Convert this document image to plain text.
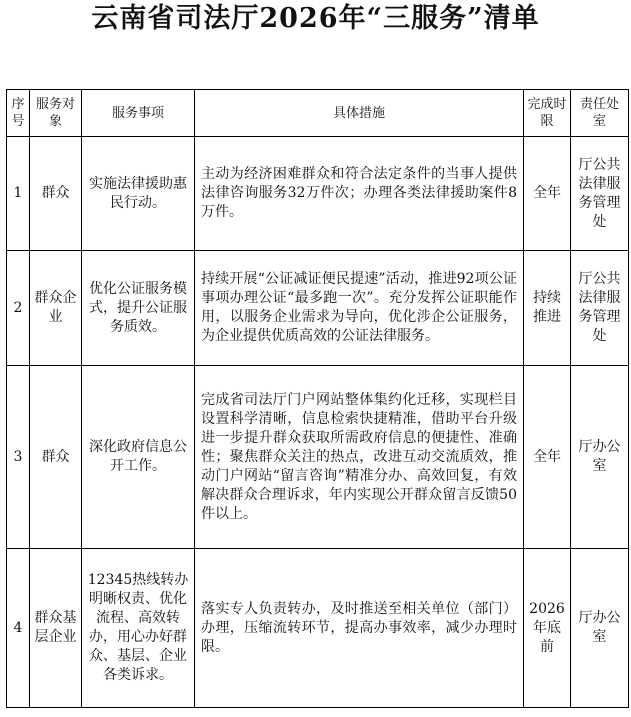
云南省司法厅2026年“三服务”清单
序号	服务对象	服务事项	具体措施	完成时限	责任处室
1	群众	实施法律援助惠民行动。	主动为经济困难群众和符合法定条件的当事人提供法律咨询服务32万件次；办理各类法律援助案件8万件。	全年	厅公共法律服务管理处
2	群众企业	优化公证服务模式，提升公证服务质效。	持续开展“公证减证便民提速”活动，推进92项公证事项办理公证“最多跑一次”。充分发挥公证职能作用，以服务企业需求为导向，优化涉企公证服务，为企业提供优质高效的公证法律服务。	持续推进	厅公共法律服务管理处
3	群众	深化政府信息公开工作。	完成省司法厅门户网站整体集约化迁移，实现栏目设置科学清晰，信息检索快捷精准，借助平台升级进一步提升群众获取所需政府信息的便捷性、准确性；聚焦群众关注的热点，改进互动交流质效，推动门户网站“留言咨询”精准分办、高效回复，有效解决群众合理诉求，年内实现公开群众留言反馈50件以上。	全年	厅办公室
4	群众基层企业	12345热线转办明晰权责、优化流程、高效转办，用心办好群众、基层、企业各类诉求。	落实专人负责转办，及时推送至相关单位（部门）办理，压缩流转环节，提高办事效率，减少办理时限。	2026年底前	厅办公室
